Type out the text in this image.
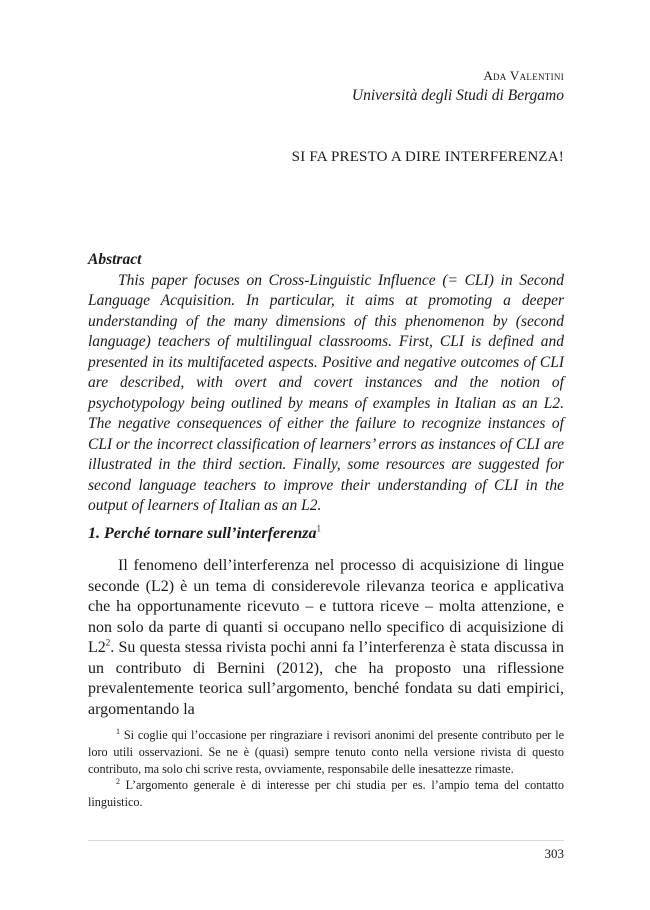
Ada Valentini
Università degli Studi di Bergamo
SI FA PRESTO A DIRE INTERFERENZA!

Abstract

This paper focuses on Cross-Linguistic Influence (= CLI) in Second Language Acquisition. In particular, it aims at promoting a deeper understanding of the many dimensions of this phenomenon by (second language) teachers of multilingual classrooms. First, CLI is defined and presented in its multifaceted aspects. Positive and negative outcomes of CLI are described, with overt and covert instances and the notion of psychotypology being outlined by means of examples in Italian as an L2. The negative consequences of either the failure to recognize instances of CLI or the incorrect classification of learners’ errors as instances of CLI are illustrated in the third section. Finally, some resources are suggested for second language teachers to improve their understanding of CLI in the output of learners of Italian as an L2.

1. Perché tornare sull’interferenza$^1$

Il fenomeno dell’interferenza nel processo di acquisizione di lingue seconde (L2) è un tema di considerevole rilevanza teorica e applicativa che ha opportunamente ricevuto – e tuttora riceve – molta attenzione, e non solo da parte di quanti si occupano nello specifico di acquisizione di $L2^2$. Su questa stessa rivista pochi anni fa l’interferenza è stata discussa in un contributo di Bernini (2012), che ha proposto una riflessione prevalentemente teorica sull’argomento, benché fondata su dati empirici, argomentando la

$^1$ Si coglie qui l’occasione per ringraziare i revisori anonimi del presente contributo per le loro utili osservazioni. Se ne è (quasi) sempre tenuto conto nella versione rivista di questo contributo, ma solo chi scrive resta, ovviamente, responsabile delle inesattezze rimaste.

$^2$ L’argomento generale è di interesse per chi studia per es. l’ampio tema del contatto linguistico.

303
